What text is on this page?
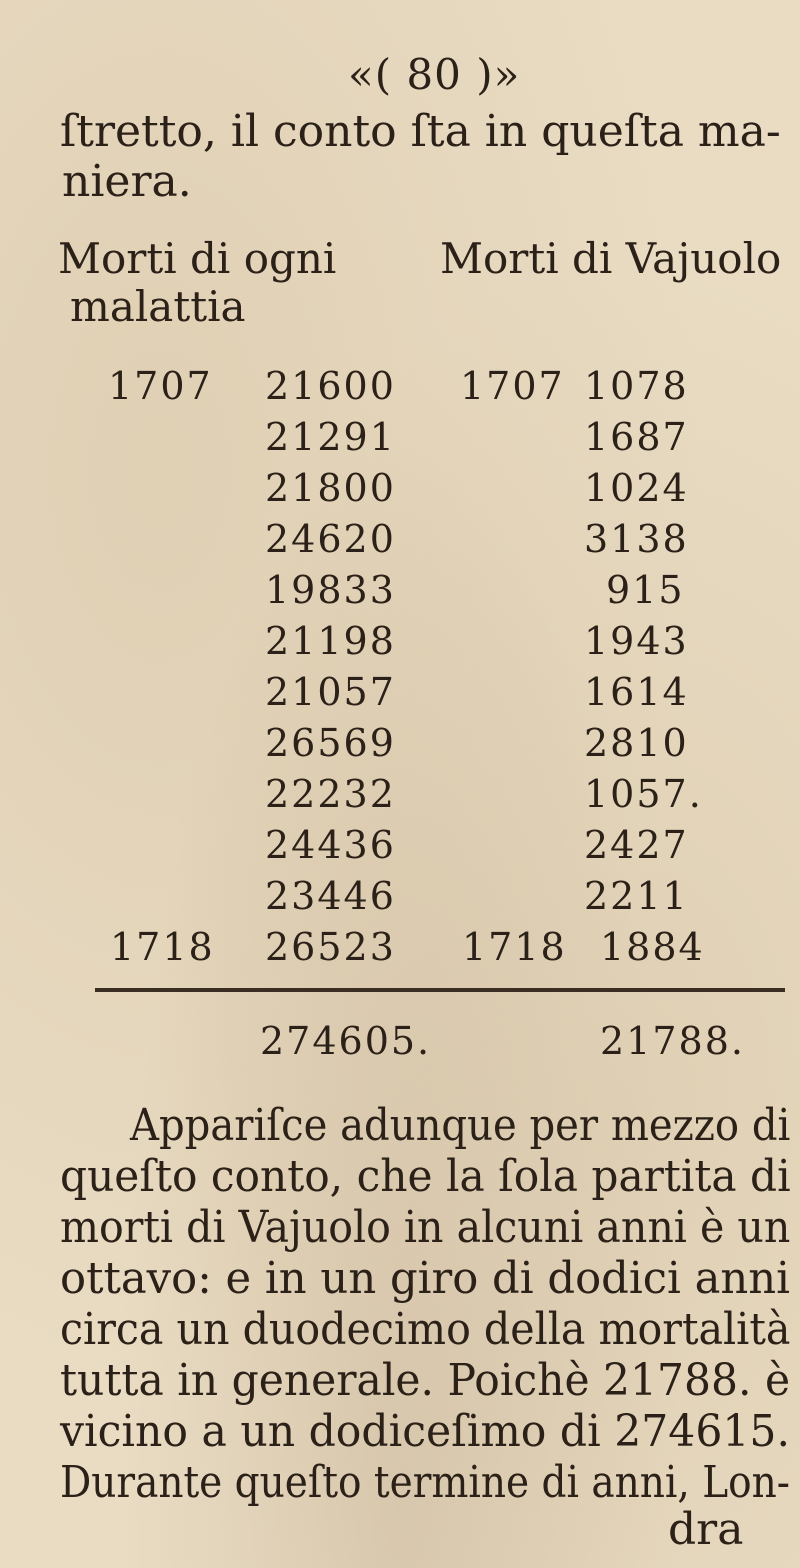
«( 80 )»
ſtretto, il conto ſta in queſta ma-
niera.
Morti di ogni
malattia
Morti di Vajuolo
1707 21600
21291
21800
24620
19833
21198
21057
26569
22232
24436
23446
1718 26523
1707 1078
1687
1024
3138
915
1943
1614
2810
1057.
2427
2211
1718 1884
274605.	21788.
Appariſce adunque per mezzo di
queſto conto, che la ſola partita di
morti di Vajuolo in alcuni anni è un
ottavo: e in un giro di dodici anni
circa un duodecimo della mortalità
tutta in generale. Poichè 21788. è
vicino a un dodiceſimo di 274615.
Durante queſto termine di anni, Lon-
dra
